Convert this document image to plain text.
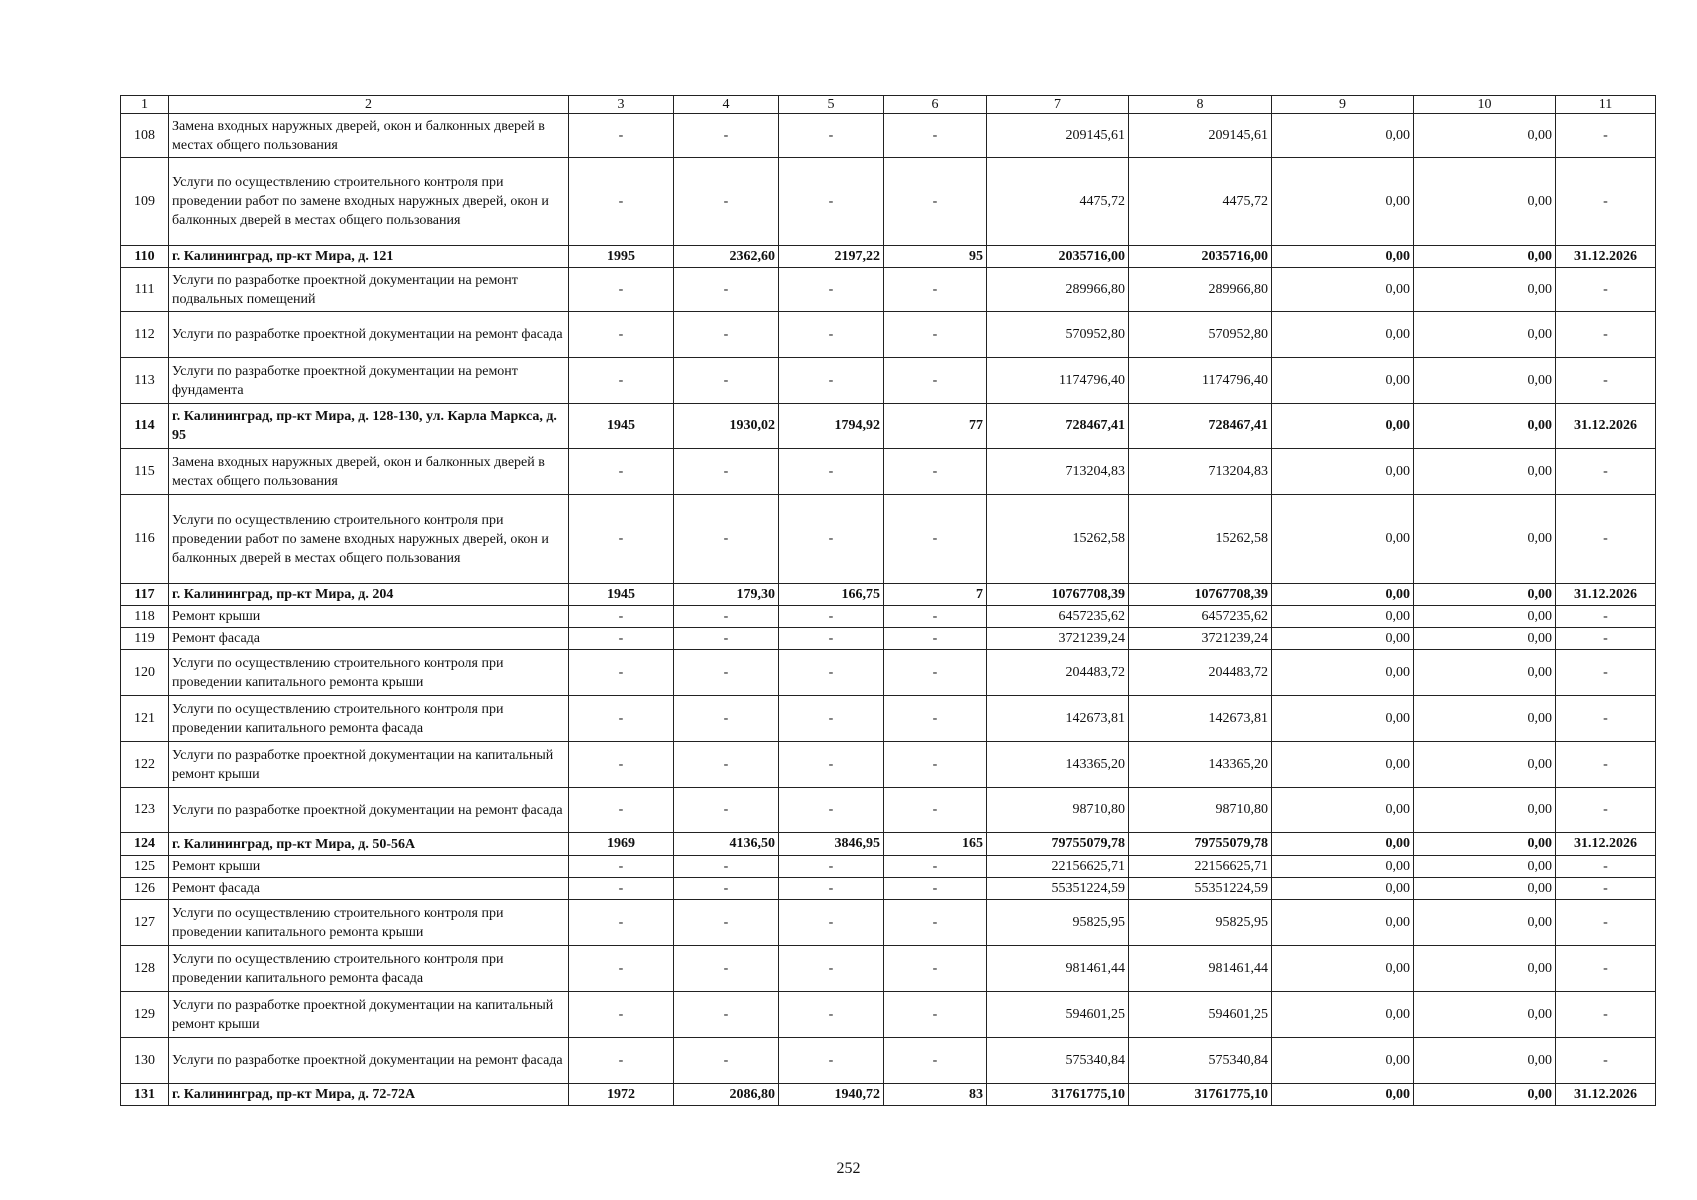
1	2	3	4	5	6	7	8	9	10	11
108	Замена входных наружных дверей, окон и балконных дверей в местах общего пользования	-	-	-	-	209145,61	209145,61	0,00	0,00	-
109	Услуги по осуществлению строительного контроля при проведении работ по замене входных наружных дверей, окон и балконных дверей в местах общего пользования	-	-	-	-	4475,72	4475,72	0,00	0,00	-
110	г. Калининград, пр-кт Мира, д. 121	1995	2362,60	2197,22	95	2035716,00	2035716,00	0,00	0,00	31.12.2026
111	Услуги по разработке проектной документации на ремонт подвальных помещений	-	-	-	-	289966,80	289966,80	0,00	0,00	-
112	Услуги по разработке проектной документации на ремонт фасада	-	-	-	-	570952,80	570952,80	0,00	0,00	-
113	Услуги по разработке проектной документации на ремонт фундамента	-	-	-	-	1174796,40	1174796,40	0,00	0,00	-
114	г. Калининград, пр-кт Мира, д. 128-130, ул. Карла Маркса, д. 95	1945	1930,02	1794,92	77	728467,41	728467,41	0,00	0,00	31.12.2026
115	Замена входных наружных дверей, окон и балконных дверей в местах общего пользования	-	-	-	-	713204,83	713204,83	0,00	0,00	-
116	Услуги по осуществлению строительного контроля при проведении работ по замене входных наружных дверей, окон и балконных дверей в местах общего пользования	-	-	-	-	15262,58	15262,58	0,00	0,00	-
117	г. Калининград, пр-кт Мира, д. 204	1945	179,30	166,75	7	10767708,39	10767708,39	0,00	0,00	31.12.2026
118	Ремонт крыши	-	-	-	-	6457235,62	6457235,62	0,00	0,00	-
119	Ремонт фасада	-	-	-	-	3721239,24	3721239,24	0,00	0,00	-
120	Услуги по осуществлению строительного контроля при проведении капитального ремонта крыши	-	-	-	-	204483,72	204483,72	0,00	0,00	-
121	Услуги по осуществлению строительного контроля при проведении капитального ремонта фасада	-	-	-	-	142673,81	142673,81	0,00	0,00	-
122	Услуги по разработке проектной документации на капитальный ремонт крыши	-	-	-	-	143365,20	143365,20	0,00	0,00	-
123	Услуги по разработке проектной документации на ремонт фасада	-	-	-	-	98710,80	98710,80	0,00	0,00	-
124	г. Калининград, пр-кт Мира, д. 50-56А	1969	4136,50	3846,95	165	79755079,78	79755079,78	0,00	0,00	31.12.2026
125	Ремонт крыши	-	-	-	-	22156625,71	22156625,71	0,00	0,00	-
126	Ремонт фасада	-	-	-	-	55351224,59	55351224,59	0,00	0,00	-
127	Услуги по осуществлению строительного контроля при проведении капитального ремонта крыши	-	-	-	-	95825,95	95825,95	0,00	0,00	-
128	Услуги по осуществлению строительного контроля при проведении капитального ремонта фасада	-	-	-	-	981461,44	981461,44	0,00	0,00	-
129	Услуги по разработке проектной документации на капитальный ремонт крыши	-	-	-	-	594601,25	594601,25	0,00	0,00	-
130	Услуги по разработке проектной документации на ремонт фасада	-	-	-	-	575340,84	575340,84	0,00	0,00	-
131	г. Калининград, пр-кт Мира, д. 72-72А	1972	2086,80	1940,72	83	31761775,10	31761775,10	0,00	0,00	31.12.2026
252
